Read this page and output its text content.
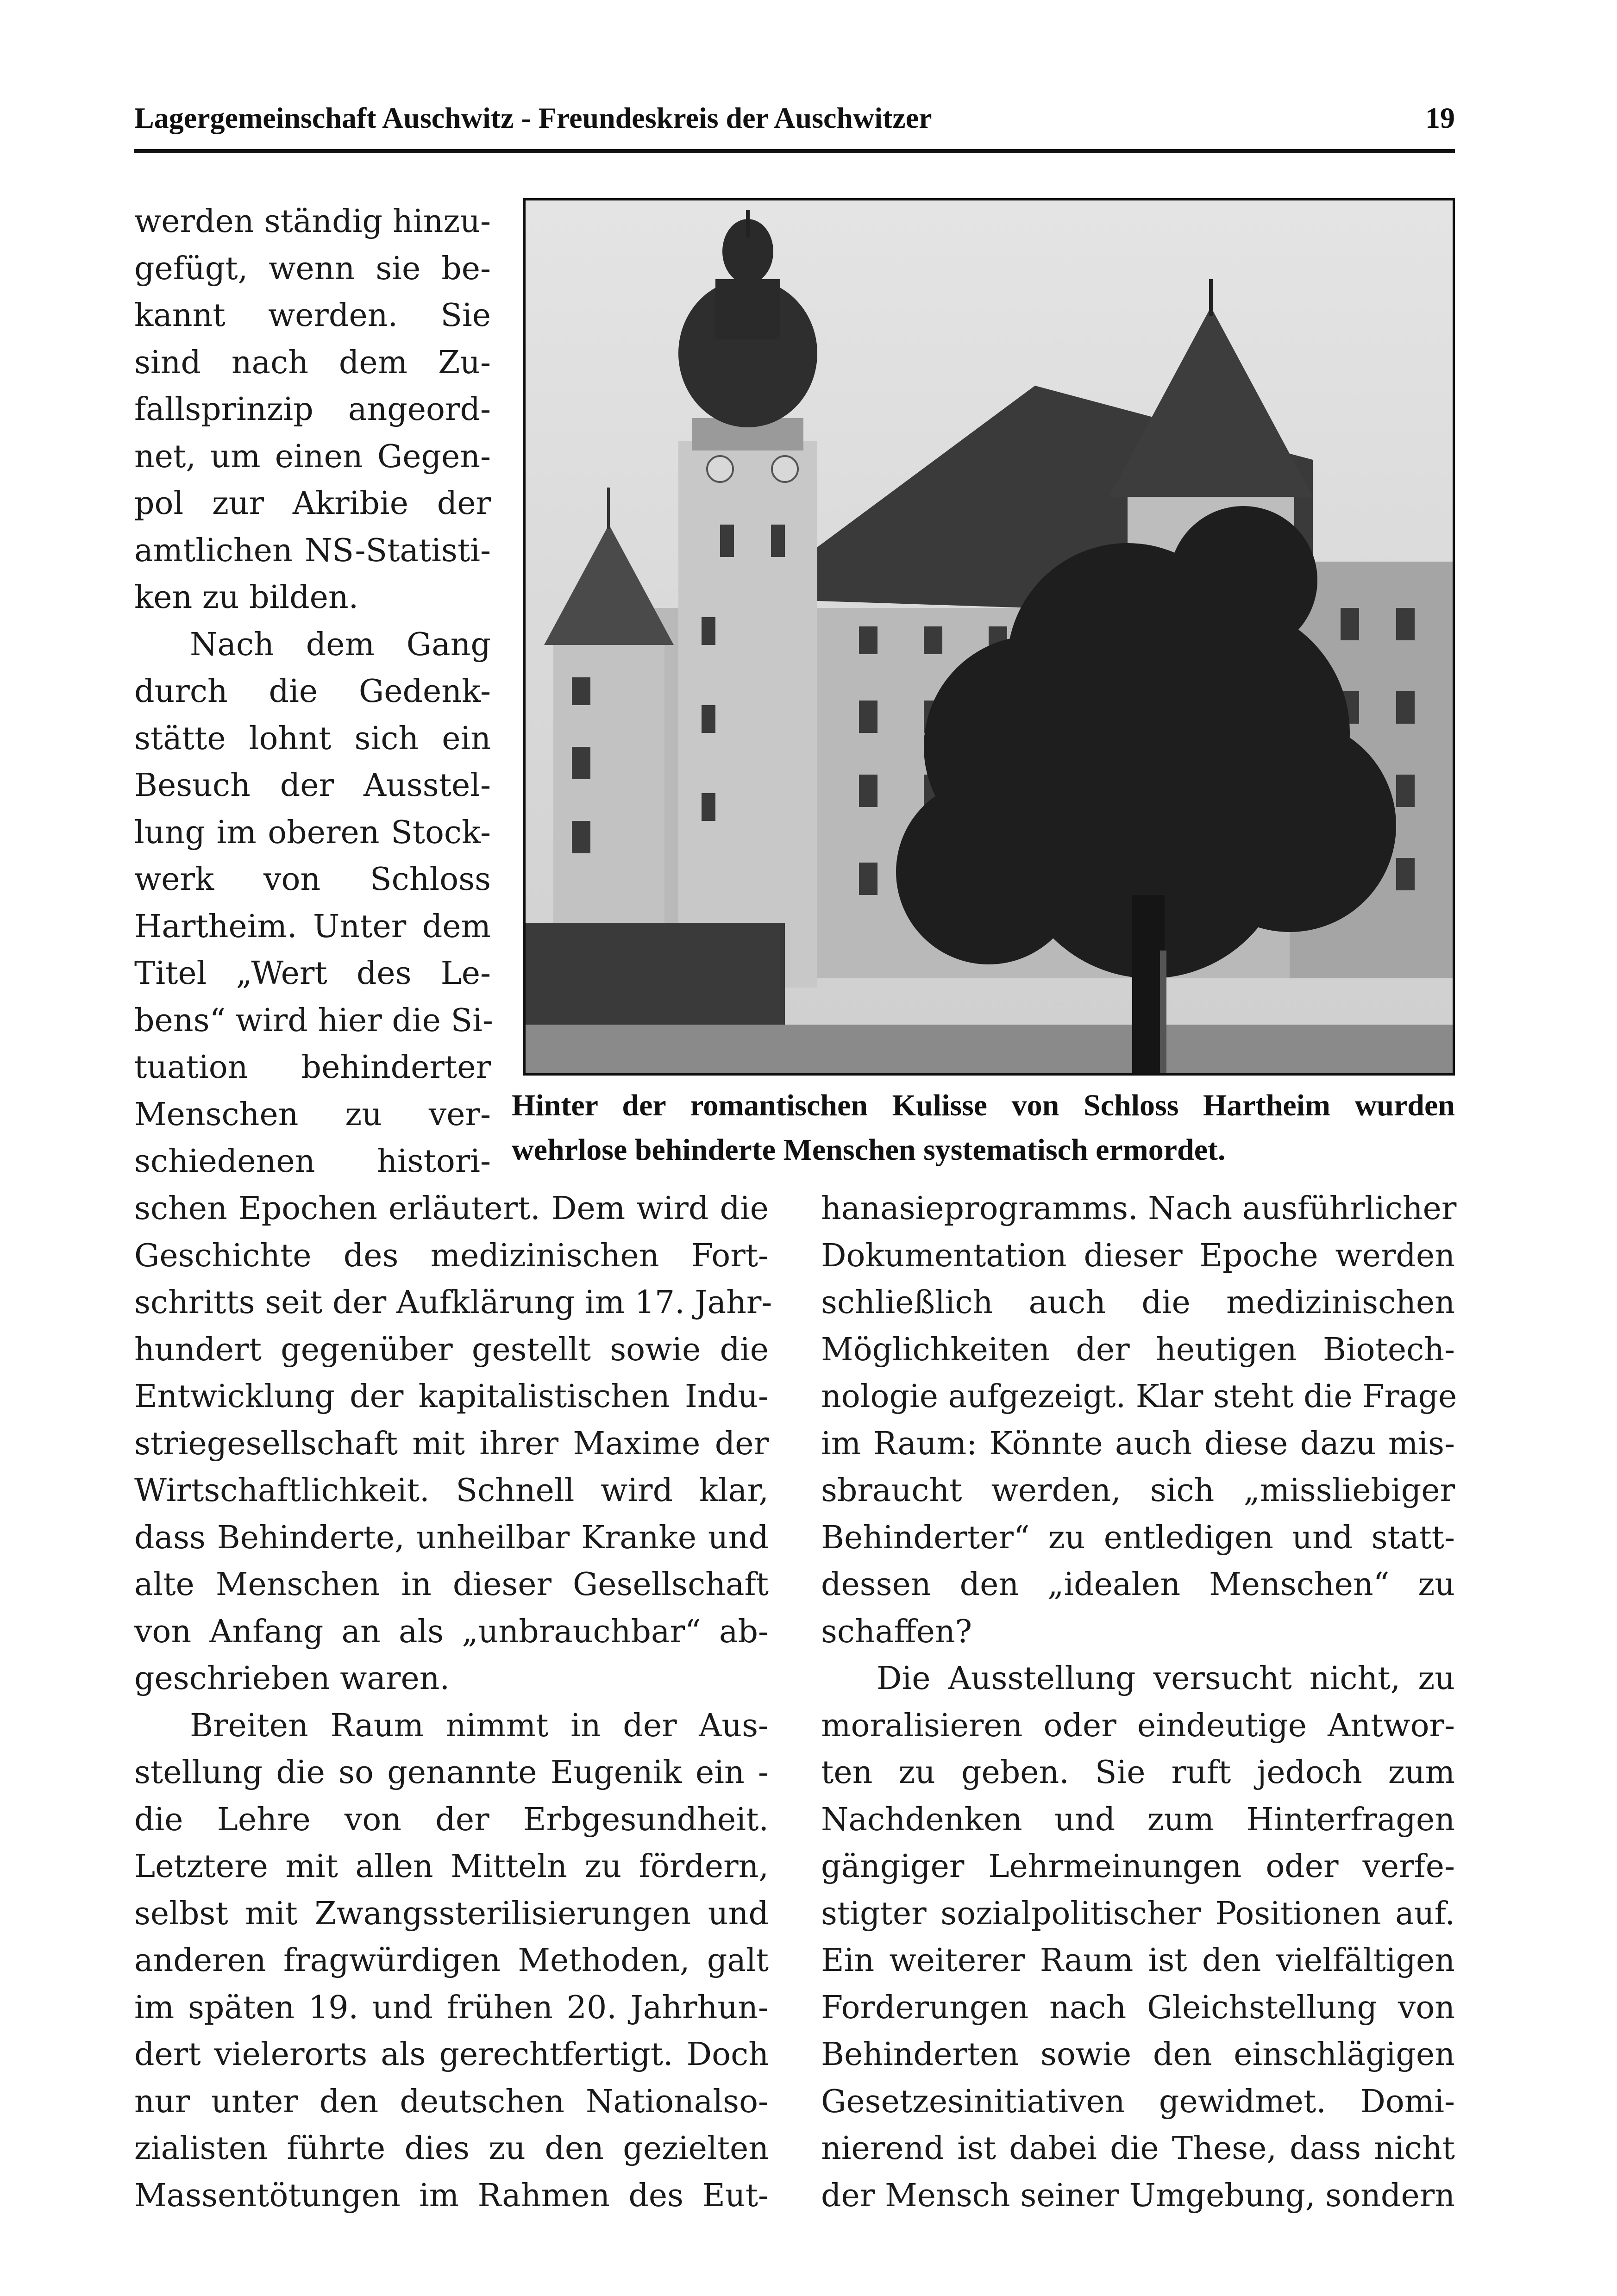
Lagergemeinschaft Auschwitz - Freundeskreis der Auschwitzer	19
werden ständig hinzu-
gefügt, wenn sie be-
kannt werden. Sie
sind nach dem Zu-
fallsprinzip angeord-
net, um einen Gegen-
pol zur Akribie der
amtlichen NS-Statisti-
ken zu bilden.
Nach dem Gang
durch die Gedenk-
stätte lohnt sich ein
Besuch der Ausstel-
lung im oberen Stock-
werk von Schloss
Hartheim. Unter dem
Titel „Wert des Le-
bens“ wird hier die Si-
tuation behinderter
Menschen zu ver-
schiedenen histori-
Hinter der romantischen Kulisse von Schloss Hartheim wurden
wehrlose behinderte Menschen systematisch ermordet.
schen Epochen erläutert. Dem wird die
Geschichte des medizinischen Fort-
schritts seit der Aufklärung im 17. Jahr-
hundert gegenüber gestellt sowie die
Entwicklung der kapitalistischen Indu-
striegesellschaft mit ihrer Maxime der
Wirtschaftlichkeit. Schnell wird klar,
dass Behinderte, unheilbar Kranke und
alte Menschen in dieser Gesellschaft
von Anfang an als „unbrauchbar“ ab-
geschrieben waren.
Breiten Raum nimmt in der Aus-
stellung die so genannte Eugenik ein -
die Lehre von der Erbgesundheit.
Letztere mit allen Mitteln zu fördern,
selbst mit Zwangssterilisierungen und
anderen fragwürdigen Methoden, galt
im späten 19. und frühen 20. Jahrhun-
dert vielerorts als gerechtfertigt. Doch
nur unter den deutschen Nationalso-
zialisten führte dies zu den gezielten
Massentötungen im Rahmen des Eut-
hanasieprogramms. Nach ausführlicher
Dokumentation dieser Epoche werden
schließlich auch die medizinischen
Möglichkeiten der heutigen Biotech-
nologie aufgezeigt. Klar steht die Frage
im Raum: Könnte auch diese dazu mis-
sbraucht werden, sich „missliebiger
Behinderter“ zu entledigen und statt-
dessen den „idealen Menschen“ zu
schaffen?
Die Ausstellung versucht nicht, zu
moralisieren oder eindeutige Antwor-
ten zu geben. Sie ruft jedoch zum
Nachdenken und zum Hinterfragen
gängiger Lehrmeinungen oder verfe-
stigter sozialpolitischer Positionen auf.
Ein weiterer Raum ist den vielfältigen
Forderungen nach Gleichstellung von
Behinderten sowie den einschlägigen
Gesetzesinitiativen gewidmet. Domi-
nierend ist dabei die These, dass nicht
der Mensch seiner Umgebung, sondern
